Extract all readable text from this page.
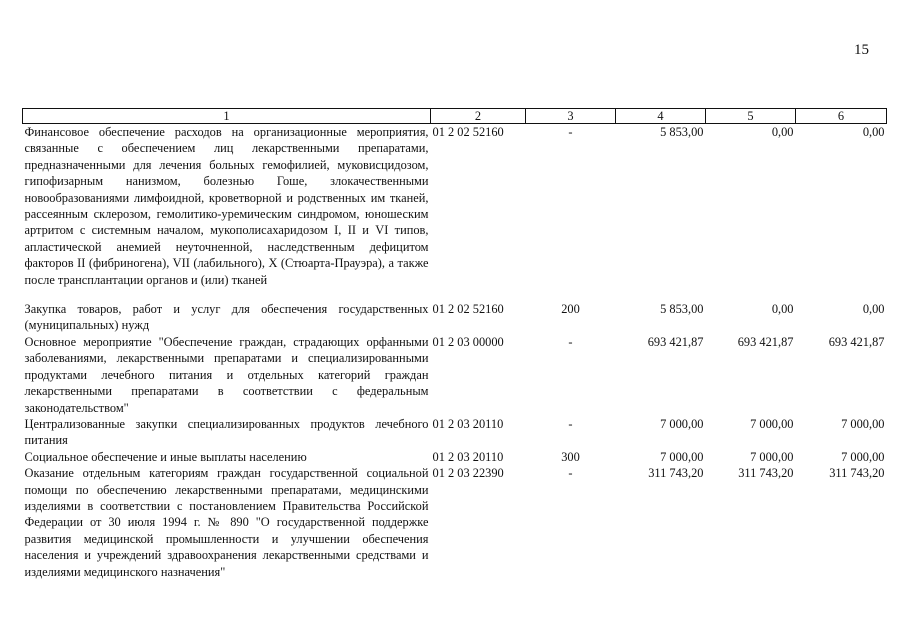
15
1	2	3	4	5	6
Финансовое обеспечение расходов на организационные мероприятия, связанные с обеспечением лиц лекарственными препаратами, предназначенными для лечения больных гемофилией, муковисцидозом, гипофизарным нанизмом, болезнью Гоше, злокачественными новообразованиями лимфоидной, кроветворной и родственных им тканей, рассеянным склерозом, гемолитико-уремическим синдромом, юношеским артритом с системным началом, мукополисахаридозом I, II и VI типов, апластической анемией неуточненной, наследственным дефицитом факторов II (фибриногена), VII (лабильного), X (Стюарта-Прауэра), а также после трансплантации органов и (или) тканей	01 2 02 52160	-	5 853,00	0,00	0,00

Закупка товаров, работ и услуг для обеспечения государственных (муниципальных) нужд	01 2 02 52160	200	5 853,00	0,00	0,00
Основное мероприятие "Обеспечение граждан, страдающих орфанными заболеваниями, лекарственными препаратами и специализированными продуктами лечебного питания и отдельных категорий граждан лекарственными препаратами в соответствии с федеральным законодательством"	01 2 03 00000	-	693 421,87	693 421,87	693 421,87
Централизованные закупки специализированных продуктов лечебного питания	01 2 03 20110	-	7 000,00	7 000,00	7 000,00
Социальное обеспечение и иные выплаты населению	01 2 03 20110	300	7 000,00	7 000,00	7 000,00
Оказание отдельным категориям граждан государственной социальной помощи по обеспечению лекарственными препаратами, медицинскими изделиями в соответствии с постановлением Правительства Российской Федерации от 30 июля 1994 г. № 890 "О государственной поддержке развития медицинской промышленности и улучшении обеспечения населения и учреждений здравоохранения лекарственными средствами и изделиями медицинского назначения"	01 2 03 22390	-	311 743,20	311 743,20	311 743,20
